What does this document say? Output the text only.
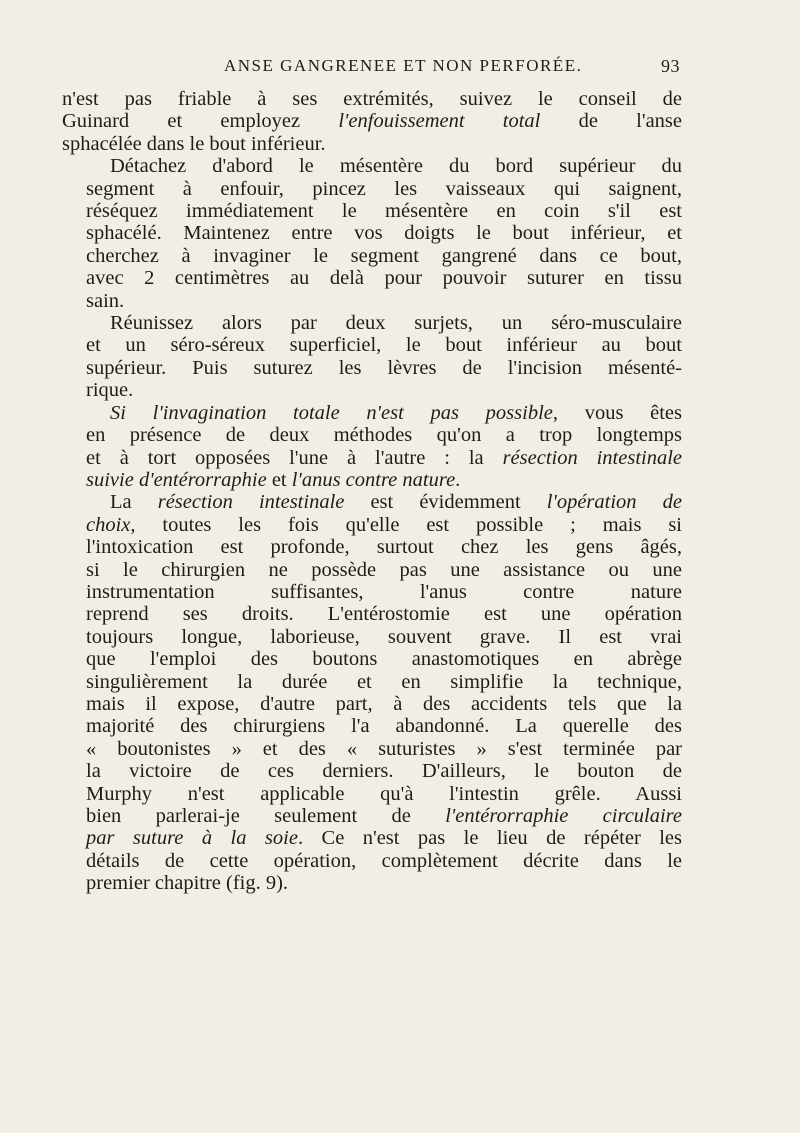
ANSE GANGRENEE ET NON PERFORÉE.	93
n'est pas friable à ses extrémités, suivez le conseil de
Guinard et employez l'enfouissement total de l'anse
sphacélée dans le bout inférieur.
Détachez d'abord le mésentère du bord supérieur du
segment à enfouir, pincez les vaisseaux qui saignent,
réséquez immédiatement le mésentère en coin s'il est
sphacélé. Maintenez entre vos doigts le bout inférieur, et
cherchez à invaginer le segment gangrené dans ce bout,
avec 2 centimètres au delà pour pouvoir suturer en tissu
sain.
Réunissez alors par deux surjets, un séro-musculaire
et un séro-séreux superficiel, le bout inférieur au bout
supérieur. Puis suturez les lèvres de l'incision mésenté-
rique.
Si l'invagination totale n'est pas possible, vous êtes
en présence de deux méthodes qu'on a trop longtemps
et à tort opposées l'une à l'autre : la résection intestinale
suivie d'entérorraphie et l'anus contre nature.
La résection intestinale est évidemment l'opération de
choix, toutes les fois qu'elle est possible ; mais si
l'intoxication est profonde, surtout chez les gens âgés,
si le chirurgien ne possède pas une assistance ou une
instrumentation suffisantes, l'anus contre nature
reprend ses droits. L'entérostomie est une opération
toujours longue, laborieuse, souvent grave. Il est vrai
que l'emploi des boutons anastomotiques en abrège
singulièrement la durée et en simplifie la technique,
mais il expose, d'autre part, à des accidents tels que la
majorité des chirurgiens l'a abandonné. La querelle des
« boutonistes » et des « suturistes » s'est terminée par
la victoire de ces derniers. D'ailleurs, le bouton de
Murphy n'est applicable qu'à l'intestin grêle. Aussi
bien parlerai-je seulement de l'entérorraphie circulaire
par suture à la soie. Ce n'est pas le lieu de répéter les
détails de cette opération, complètement décrite dans le
premier chapitre (fig. 9).
